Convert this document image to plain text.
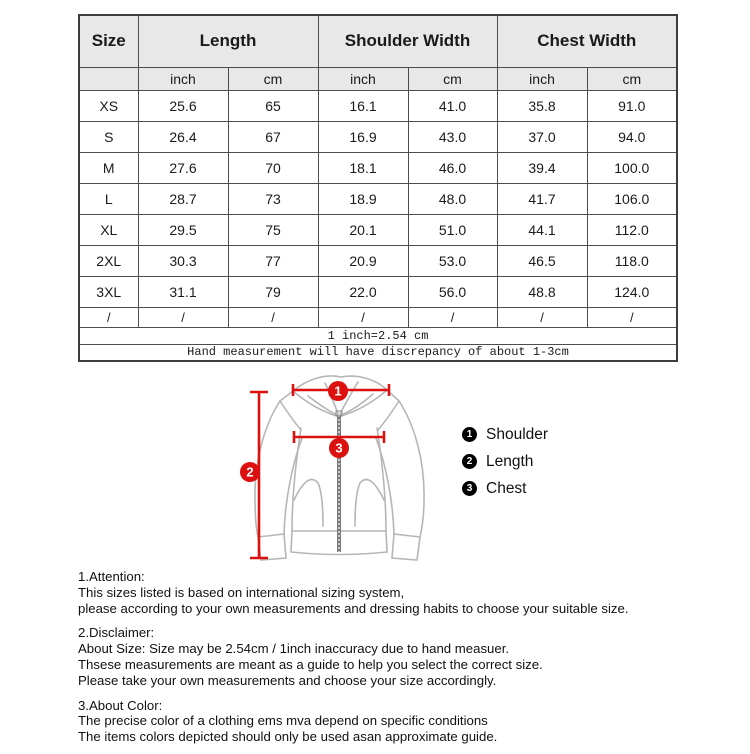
Size	Length		Shoulder Width		Chest Width	
	inch	cm	inch	cm	inch	cm
XS	25.6	65	16.1	41.0	35.8	91.0
S	26.4	67	16.9	43.0	37.0	94.0
M	27.6	70	18.1	46.0	39.4	100.0
L	28.7	73	18.9	48.0	41.7	106.0
XL	29.5	75	20.1	51.0	44.1	112.0
2XL	30.3	77	20.9	53.0	46.5	118.0
3XL	31.1	79	22.0	56.0	48.8	124.0
/	/	/	/	/	/	/
1 inch=2.54 cm						
Hand measurement will have discrepancy of about 1-3cm						
1
2
3
1 Shoulder
2 Length
3 Chest
1.Attention:
This sizes listed is based on international sizing system,
please according to your own measurements and dressing habits to choose your suitable size.
2.Disclaimer:
About Size: Size may be 2.54cm / 1inch inaccuracy due to hand measuer.
Thsese measurements are meant as a guide to help you select the correct size.
Please take your own measurements and choose your size accordingly.
3.About Color:
The precise color of a clothing ems mva depend on specific conditions
The items colors depicted should only be used asan approximate guide.
